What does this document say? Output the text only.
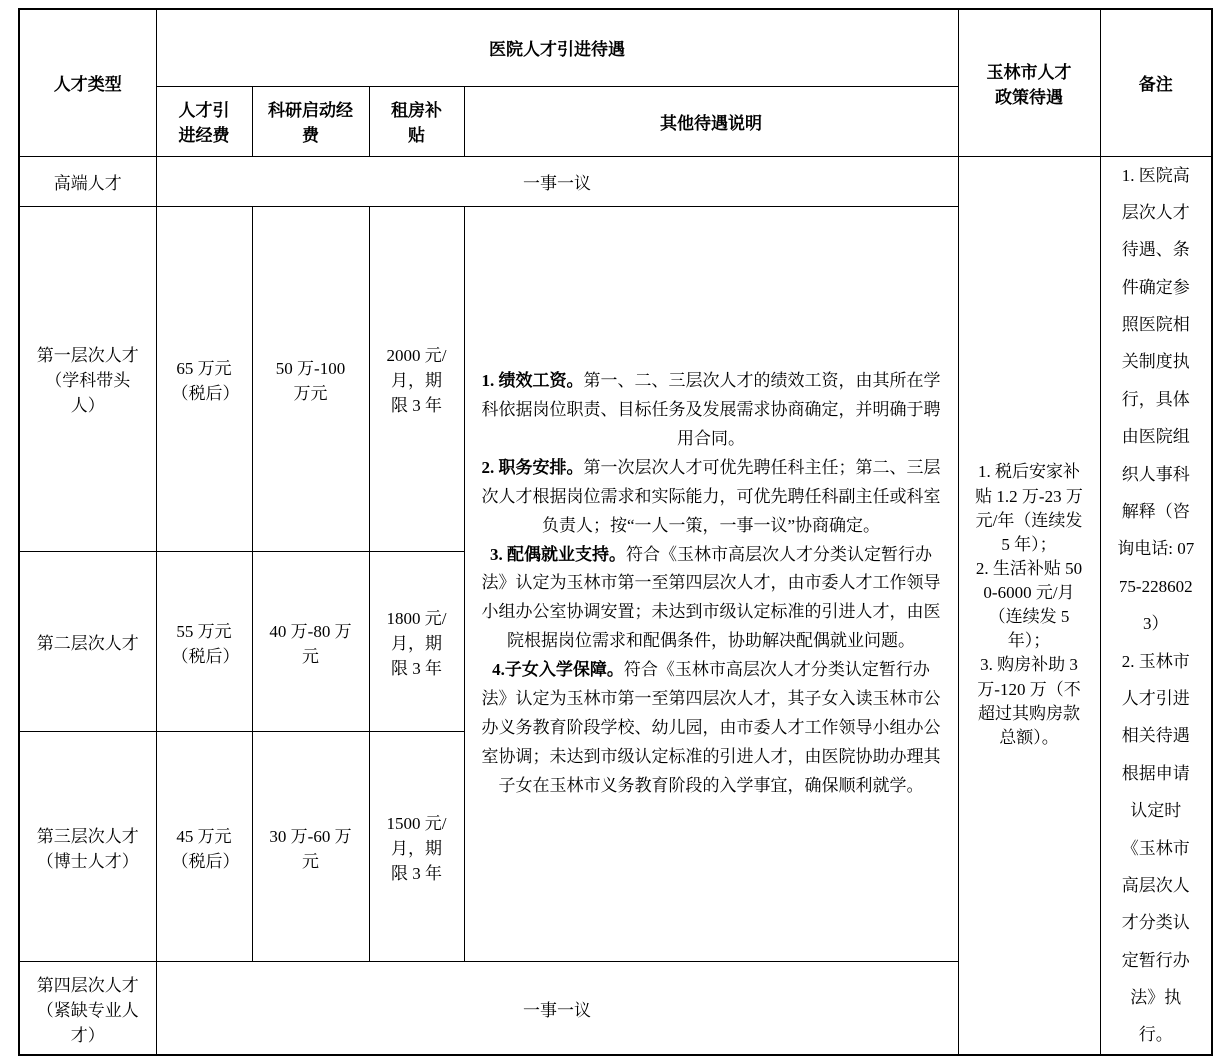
人才类型	医院人才引进待遇				玉林市人才政策待遇	备注
	人才引进经费	科研启动经费	租房补贴	其他待遇说明		
高端人才	一事一议	
1. 税后安家补贴 1.2 万-23 万元/年（连续发 5 年）；
2. 生活补贴 500-6000 元/月（连续发 5 年）；
3. 购房补助 3 万-120 万（不超过其购房款总额）。

1. 医院高层次人才待遇、条件确定参照医院相关制度执行，具体由医院组织人事科解释（咨询电话: 0775-2286023）
2. 玉林市人才引进相关待遇根据申请认定时《玉林市高层次人才分类认定暂行办法》执行。

第一层次人才（学科带头人）	65 万元（税后）	50 万-100 万元	2000 元/月，期限 3 年	1. 绩效工资。第一、二、三层次人才的绩效工资，由其所在学科依据岗位职责、目标任务及发展需求协商确定，并明确于聘用合同。

2. 职务安排。第一次层次人才可优先聘任科主任；第二、三层次人才根据岗位需求和实际能力，可优先聘任科副主任或科室负责人；按“一人一策，一事一议”协商确定。

3. 配偶就业支持。符合《玉林市高层次人才分类认定暂行办法》认定为玉林市第一至第四层次人才，由市委人才工作领导小组办公室协调安置；未达到市级认定标准的引进人才，由医院根据岗位需求和配偶条件，协助解决配偶就业问题。

4.子女入学保障。符合《玉林市高层次人才分类认定暂行办法》认定为玉林市第一至第四层次人才，其子女入读玉林市公办义务教育阶段学校、幼儿园，由市委人才工作领导小组办公室协调；未达到市级认定标准的引进人才，由医院协助办理其子女在玉林市义务教育阶段的入学事宜，确保顺利就学。		

第二层次人才	55 万元（税后）	40 万-80 万元	1800 元/月，期限 3 年			
第三层次人才（博士人才）	45 万元（税后）	30 万-60 万元	1500 元/月，期限 3 年			
第四层次人才（紧缺专业人才）	一事一议					
